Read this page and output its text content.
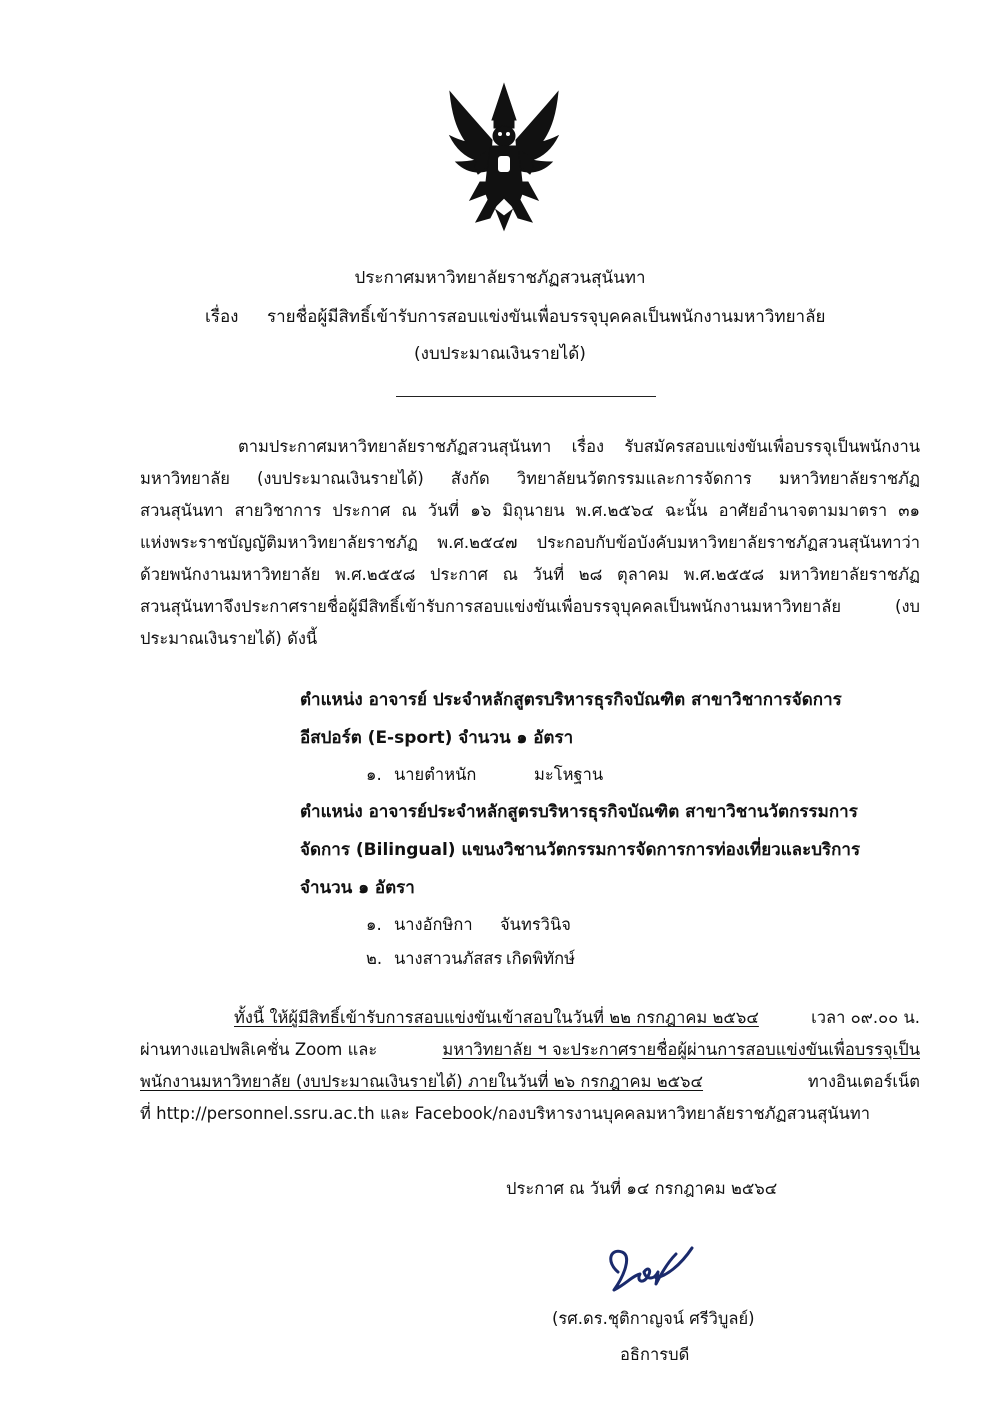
ประกาศมหาวิทยาลัยราชภัฏสวนสุนันทา
เรื่อง รายชื่อผู้มีสิทธิ์เข้ารับการสอบแข่งขันเพื่อบรรจุบุคคลเป็นพนักงานมหาวิทยาลัย
(งบประมาณเงินรายได้)
ตามประกาศมหาวิทยาลัยราชภัฏสวนสุนันทา เรื่อง รับสมัครสอบแข่งขันเพื่อบรรจุเป็นพนักงาน
มหาวิทยาลัย (งบประมาณเงินรายได้) สังกัด วิทยาลัยนวัตกรรมและการจัดการ มหาวิทยาลัยราชภัฏ
สวนสุนันทา สายวิชาการ ประกาศ ณ วันที่ ๑๖ มิถุนายน พ.ศ.๒๕๖๔ ฉะนั้น อาศัยอำนาจตามมาตรา ๓๑
แห่งพระราชบัญญัติมหาวิทยาลัยราชภัฏ พ.ศ.๒๕๔๗ ประกอบกับข้อบังคับมหาวิทยาลัยราชภัฏสวนสุนันทาว่า
ด้วยพนักงานมหาวิทยาลัย พ.ศ.๒๕๕๘ ประกาศ ณ วันที่ ๒๘ ตุลาคม พ.ศ.๒๕๕๘ มหาวิทยาลัยราชภัฏ
สวนสุนันทาจึงประกาศรายชื่อผู้มีสิทธิ์เข้ารับการสอบแข่งขันเพื่อบรรจุบุคคลเป็นพนักงานมหาวิทยาลัย (งบ
ประมาณเงินรายได้) ดังนี้
ตำแหน่ง อาจารย์ ประจำหลักสูตรบริหารธุรกิจบัณฑิต สาขาวิชาการจัดการ
อีสปอร์ต (E-sport) จำนวน ๑ อัตรา
๑. นายตำหนัก	มะโหฐาน
ตำแหน่ง อาจารย์ประจำหลักสูตรบริหารธุรกิจบัณฑิต สาขาวิชานวัตกรรมการ
จัดการ (Bilingual) แขนงวิชานวัตกรรมการจัดการการท่องเที่ยวและบริการ
จำนวน ๑ อัตรา
๑. นางอักษิกา จันทรวินิจ
๒. นางสาวนภัสสร เกิดพิทักษ์
ทั้งนี้ ให้ผู้มีสิทธิ์เข้ารับการสอบแข่งขันเข้าสอบในวันที่ ๒๒ กรกฎาคม ๒๕๖๔	เวลา ๐๙.๐๐ น.
ผ่านทางแอปพลิเคชั่น Zoom และ	มหาวิทยาลัย ฯ จะประกาศรายชื่อผู้ผ่านการสอบแข่งขันเพื่อบรรจุเป็น
พนักงานมหาวิทยาลัย (งบประมาณเงินรายได้) ภายในวันที่ ๒๖ กรกฎาคม ๒๕๖๔	ทางอินเตอร์เน็ต
ที่ http://personnel.ssru.ac.th และ Facebook/กองบริหารงานบุคคลมหาวิทยาลัยราชภัฏสวนสุนันทา
ประกาศ ณ วันที่ ๑๔ กรกฎาคม ๒๕๖๔
(รศ.ดร.ชุติกาญจน์ ศรีวิบูลย์)
อธิการบดี
